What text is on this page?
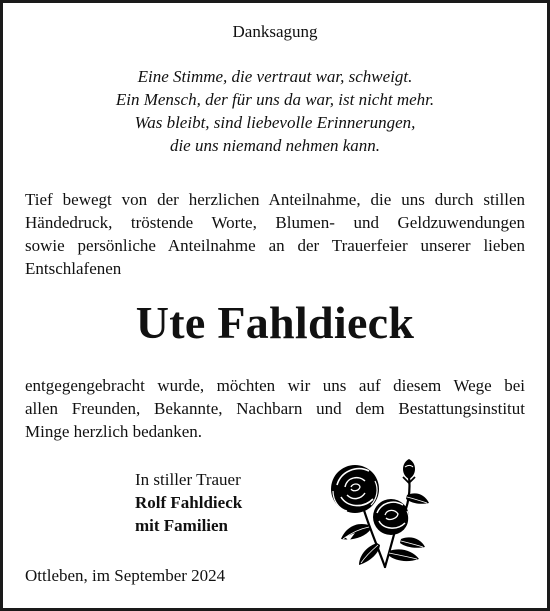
Danksagung
Eine Stimme, die vertraut war, schweigt.
Ein Mensch, der für uns da war, ist nicht mehr.
Was bleibt, sind liebevolle Erinnerungen,
die uns niemand nehmen kann.
Tief bewegt von der herzlichen Anteilnahme, die uns durch stillen
Händedruck, tröstende Worte, Blumen- und Geldzuwendungen
sowie persönliche Anteilnahme an der Trauerfeier unserer lieben
Entschlafenen
Ute Fahldieck
entgegengebracht wurde, möchten wir uns auf diesem Wege bei
allen Freunden, Bekannte, Nachbarn und dem Bestattungsinstitut
Minge herzlich bedanken.
In stiller Trauer
Rolf Fahldieck
mit Familien
Ottleben, im September 2024
